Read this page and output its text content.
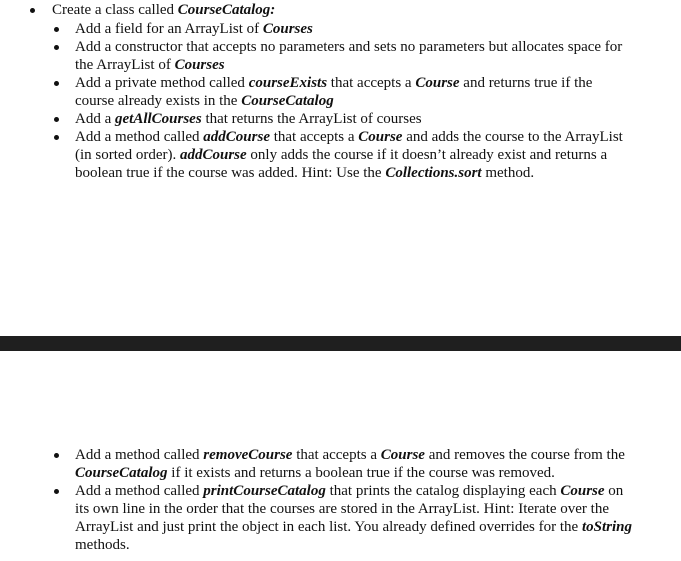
Create a class called CourseCatalog:
Add a field for an ArrayList of Courses
Add a constructor that accepts no parameters and sets no parameters but allocates space for the ArrayList of Courses
Add a private method called courseExists that accepts a Course and returns true if the course already exists in the CourseCatalog
Add a getAllCourses that returns the ArrayList of courses
Add a method called addCourse that accepts a Course and adds the course to the ArrayList (in sorted order). addCourse only adds the course if it doesn’t already exist and returns a boolean true if the course was added. Hint: Use the Collections.sort method.
Add a method called removeCourse that accepts a Course and removes the course from the CourseCatalog if it exists and returns a boolean true if the course was removed.
Add a method called printCourseCatalog that prints the catalog displaying each Course on its own line in the order that the courses are stored in the ArrayList. Hint: Iterate over the ArrayList and just print the object in each list. You already defined overrides for the toString methods.
